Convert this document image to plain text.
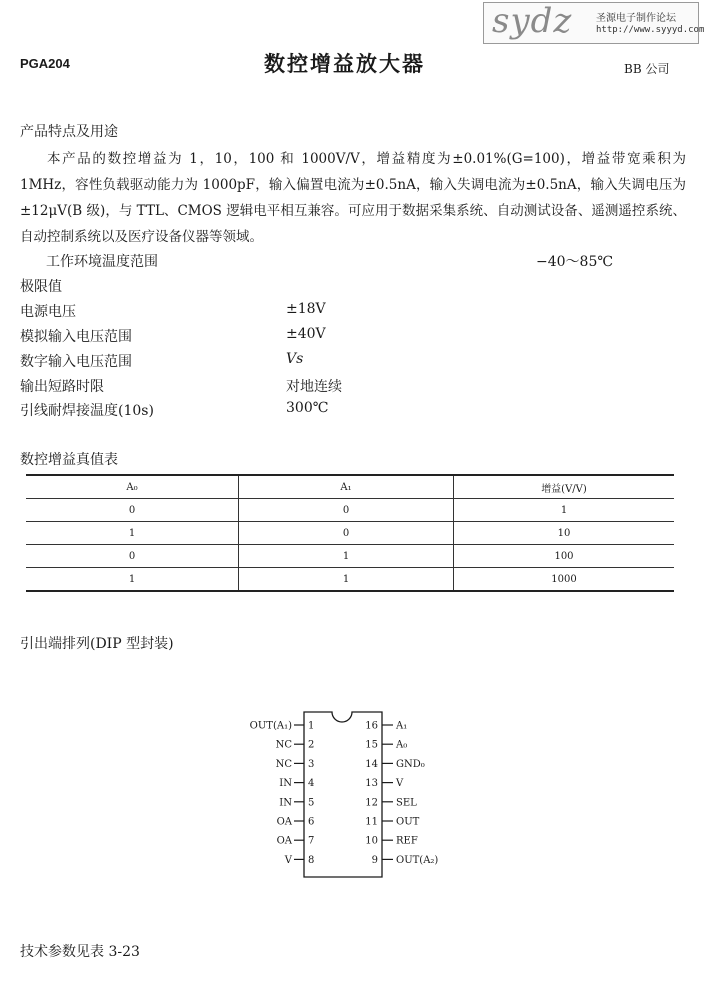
sydz 圣源电子制作论坛
http://www.syyyd.com
PGA204	数控增益放大器	BB 公司
产品特点及用途
本产品的数控增益为 1，10，100 和 1000V/V，增益精度为±0.01%(G=100)，增益带宽乘积为 1MHz，容性负载驱动能力为 1000pF，输入偏置电流为±0.5nA，输入失调电流为±0.5nA，输入失调电压为±12μV(B 级)，与 TTL、CMOS 逻辑电平相互兼容。可应用于数据采集系统、自动测试设备、遥测遥控系统、自动控制系统以及医疗设备仪器等领域。
工作环境温度范围	−40～85℃
极限值
电源电压	±18V
模拟输入电压范围	±40V
数字输入电压范围	Vs
输出短路时限	对地连续
引线耐焊接温度(10s)	300℃
数控增益真值表
A₀	A₁	增益(V/V)
0	0	1
1	0	10
0	1	100
1	1	1000
引出端排列(DIP 型封装)
OUT(A₁) 1
NC 2
NC 3
IN 4
IN 5
OA 6
OA 7
V 8
16 A₁
15 A₀
14 GND₀
13 V
12 SEL
11 OUT
10 REF
9 OUT(A₂)
技术参数见表 3-23
